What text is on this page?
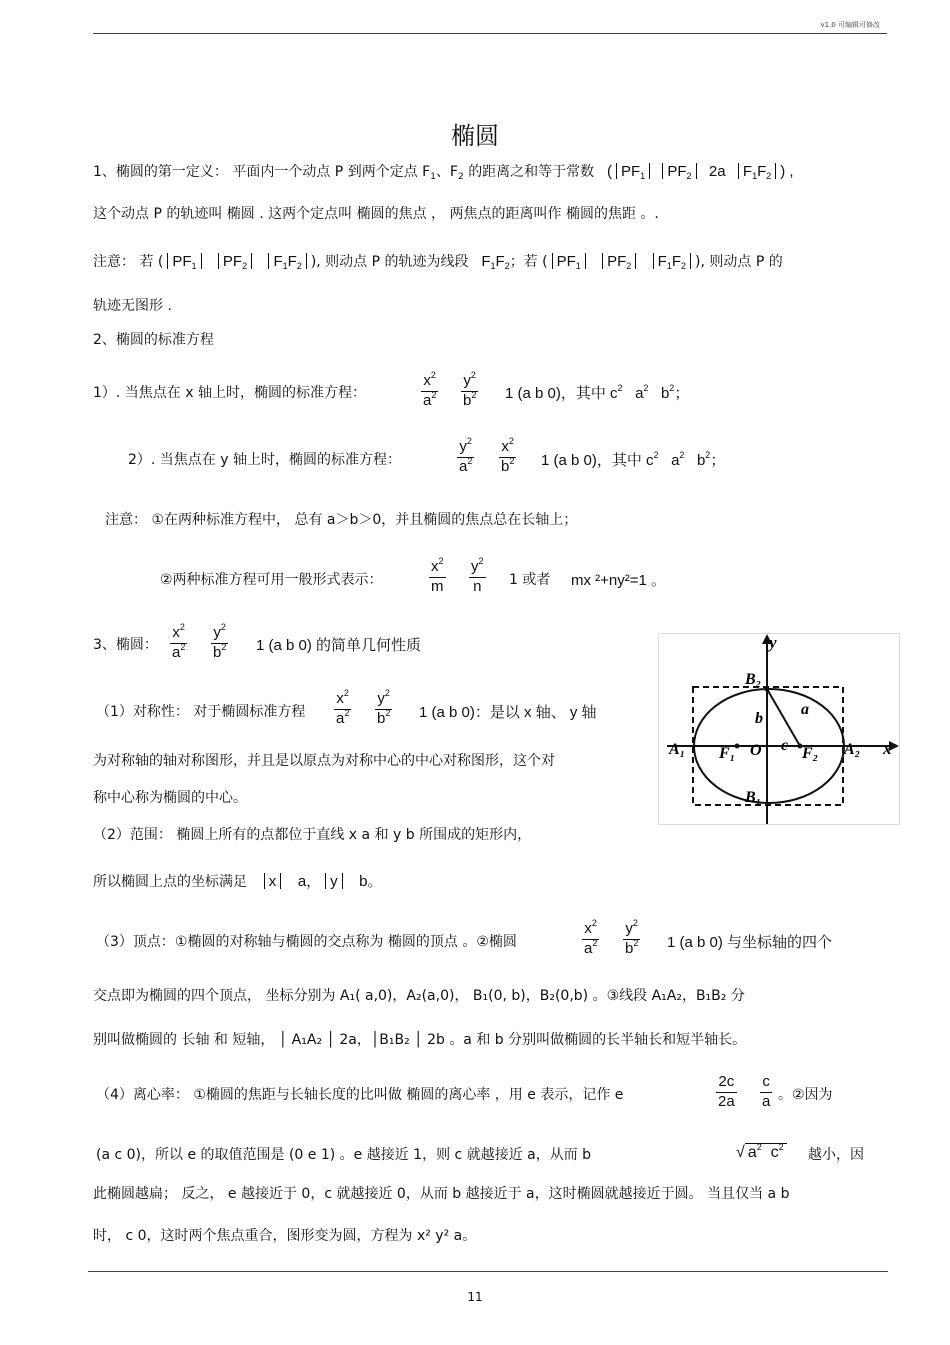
v1.0 可编辑可修改
椭圆
1、椭圆的第一定义： 平面内一个动点 P 到两个定点 $F_1$、$F_2$ 的距离之和等于常数   ( $PF_1$ $PF_2$  2a  $F_1F_2$ ) ,
这个动点 P 的轨迹叫 椭圆 . 这两个定点叫 椭圆的焦点 ， 两焦点的距离叫作 椭圆的焦距 。.
注意： 若 ( $PF_1$ $PF_2$ $F_1F_2$ ), 则动点 P 的轨迹为线段   $F_1F_2$；若 ( $PF_1$ $PF_2$ $F_1F_2$ ), 则动点 P 的
轨迹无图形 .
2、椭圆的标准方程
1）. 当焦点在 x 轴上时，椭圆的标准方程：	$\frac{x^2}{a^2} \frac{y^2}{b^2} 1$ (a b 0)，其中 $c^2$   $a^2$   $b^2$；
2）. 当焦点在 y 轴上时，椭圆的标准方程：	$\frac{y^2}{a^2} \frac{x^2}{b^2} 1$ (a b 0)，其中 $c^2$   $a^2$   $b^2$；
注意： ①在两种标准方程中， 总有 a＞b＞0，并且椭圆的焦点总在长轴上；
②两种标准方程可用一般形式表示：	$\frac{x^2}{m} \frac{y^2}{n} 1$ 或者 mx ²+ny²=1 。
3、椭圆： $\frac{x^2}{a^2} \frac{y^2}{b^2} 1$ (a b 0) 的简单几何性质
（1）对称性： 对于椭圆标准方程 $\frac{x^2}{a^2} \frac{y^2}{b^2} 1$ (a b 0)：是以 x 轴、 y 轴
为对称轴的轴对称图形，并且是以原点为对称中心的中心对称图形，这个对
称中心称为椭圆的中心。
y
x
B₂
B₁
A₁	A₂
F₁	F₂
O
b
a
c
（2）范围： 椭圆上所有的点都位于直线 x a 和 y b 所围成的矩形内，
所以椭圆上点的坐标满足 x a， y b。
（3）顶点：①椭圆的对称轴与椭圆的交点称为 椭圆的顶点 。②椭圆	$\frac{x^2}{a^2} \frac{y^2}{b^2} 1$ (a b 0) 与坐标轴的四个
交点即为椭圆的四个顶点， 坐标分别为 A₁( a,0)，A₂(a,0)， B₁(0, b)，B₂(0,b) 。③线段 A₁A₂，B₁B₂ 分
别叫做椭圆的 长轴 和 短轴， │ A₁A₂ │ 2a，│B₁B₂ │ 2b 。a 和 b 分别叫做椭圆的长半轴长和短半轴长。
（4）离心率： ①椭圆的焦距与长轴长度的比叫做 椭圆的离心率 ，用 e 表示，记作 e	$\frac{2c}{2a} \frac{c}{a}$ 。②因为
(a c 0)，所以 e 的取值范围是 (0 e 1) 。e 越接近 1，则 c 就越接近 a，从而 b	√ $a^2$  $c^2$ 越小，因
此椭圆越扁； 反之， e 越接近于 0，c 就越接近 0，从而 b 越接近于 a，这时椭圆就越接近于圆。 当且仅当 a b
时， c 0，这时两个焦点重合，图形变为圆，方程为 x² y² a。
11
